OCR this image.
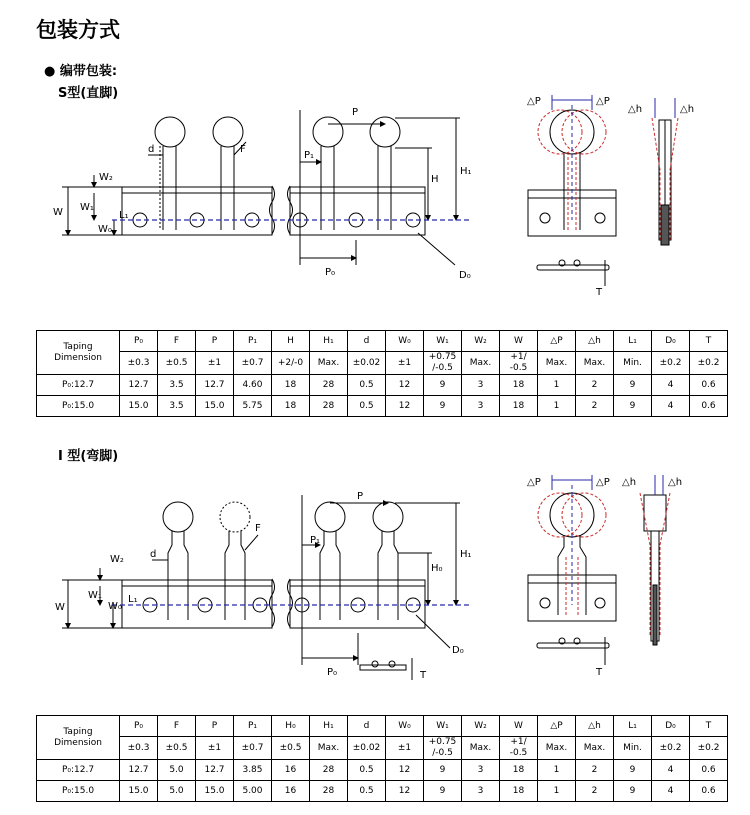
包装方式
● 编带包装:
S型(直脚)
W₂
W₁
W
W₀
L₁
d	F
P
P₁
H
H₁
P₀	D₀
△P	△P
T
△h	△h
Taping
Dimension	P₀	F	P	P₁	H	H₁	d	W₀	W₁	W₂	W	△P	△h	L₁	D₀	T
	±0.3	±0.5	±1	±0.7	+2/-0	Max.	±0.02	±1	+0.75
/-0.5	Max.	+1/
-0.5	Max.	Max.	Min.	±0.2	±0.2
P₀:12.7	12.7	3.5	12.7	4.60	18	28	0.5	12	9	3	18	1	2	9	4	0.6
P₀:15.0	15.0	3.5	15.0	5.75	18	28	0.5	12	9	3	18	1	2	9	4	0.6
I 型(弯脚)
W₂
W₁
W	W₀
L₁
d
F
P
P₁
H₀
H₁
P₀
D₀
T
△P	△P
T
△h	△h
Taping
Dimension	P₀	F	P	P₁	H₀	H₁	d	W₀	W₁	W₂	W	△P	△h	L₁	D₀	T
	±0.3	±0.5	±1	±0.7	±0.5	Max.	±0.02	±1	+0.75
/-0.5	Max.	+1/
-0.5	Max.	Max.	Min.	±0.2	±0.2
P₀:12.7	12.7	5.0	12.7	3.85	16	28	0.5	12	9	3	18	1	2	9	4	0.6
P₀:15.0	15.0	5.0	15.0	5.00	16	28	0.5	12	9	3	18	1	2	9	4	0.6
